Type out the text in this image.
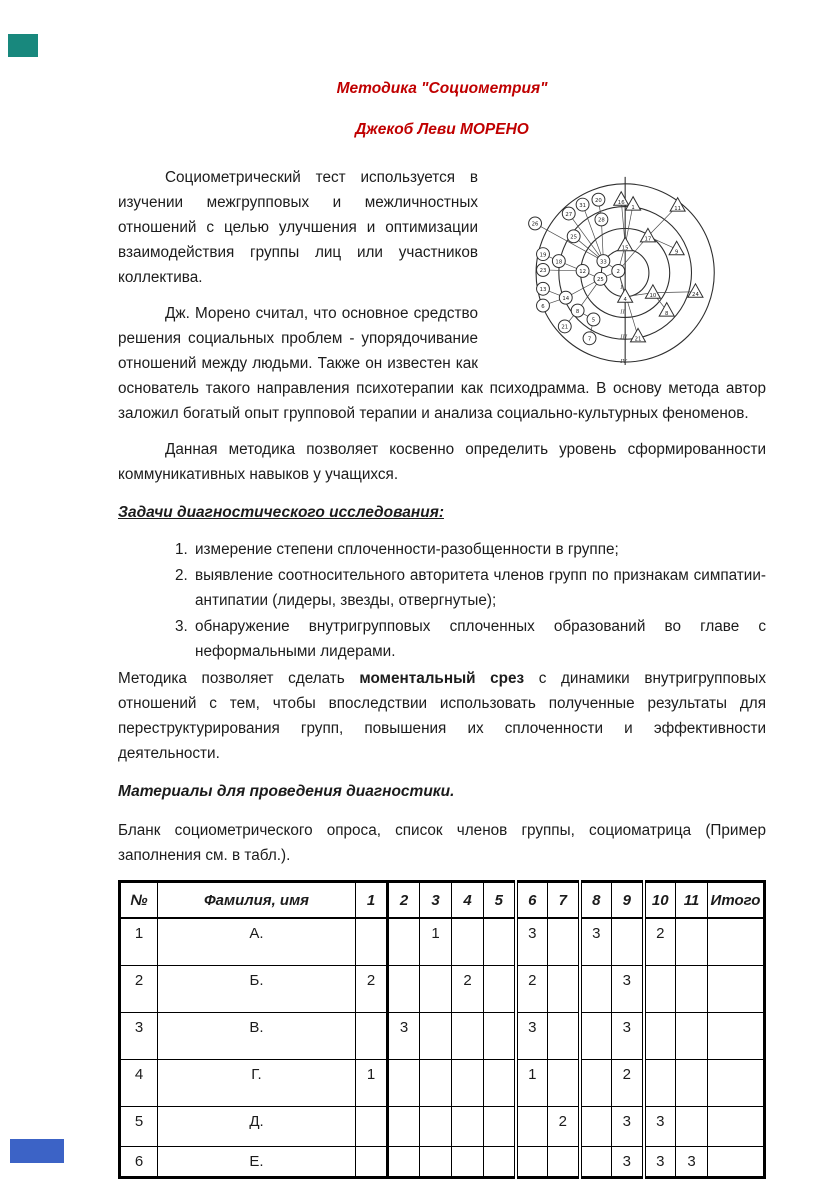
Методика "Социометрия"
Джекоб Леви МОРЕНО
26
27
31
20
28
25
19
18
23	12
13
14
6
8
21
5
7
33
25
2
16
1	11
17
9
15
10	24
4
8
21
I
II
III
IV

Социометрический тест используется в изучении межгрупповых и межличностных отношений с целью улучшения и оптимизации взаимодействия группы лиц или участников коллектива.

Дж. Морено считал, что основное средство решения социальных проблем - упорядочивание отношений между людьми. Также он известен как основатель такого направления психотерапии как психодрамма. В основу метода автор заложил богатый опыт групповой терапии и анализа социально-культурных феноменов.

Данная методика позволяет косвенно определить уровень сформированности коммуникативных навыков у учащихся.

Задачи диагностического исследования:
1. измерение степени сплоченности-разобщенности в группе;
2. выявление соотносительного авторитета членов групп по признакам симпатии-антипатии (лидеры, звезды, отвергнутые);
3. обнаружение внутригрупповых сплоченных образований во главе с неформальными лидерами.

Методика позволяет сделать моментальный срез с динамики внутригрупповых отношений с тем, чтобы впоследствии использовать полученные результаты для переструктурирования групп, повышения их сплоченности и эффективности деятельности.

Материалы для проведения диагностики.

Бланк социометрического опроса, список членов группы, социоматрица (Пример заполнения см. в табл.).

№	Фамилия, имя	1	2	3	4	5	6	7	8	9	10	11	Итого
1	А.			1			3		3		2		
2	Б.	2			2		2			3			
3	В.		3				3			3			
4	Г.	1					1			2			
5	Д.							2		3	3		
6	Е.									3	3	3	
